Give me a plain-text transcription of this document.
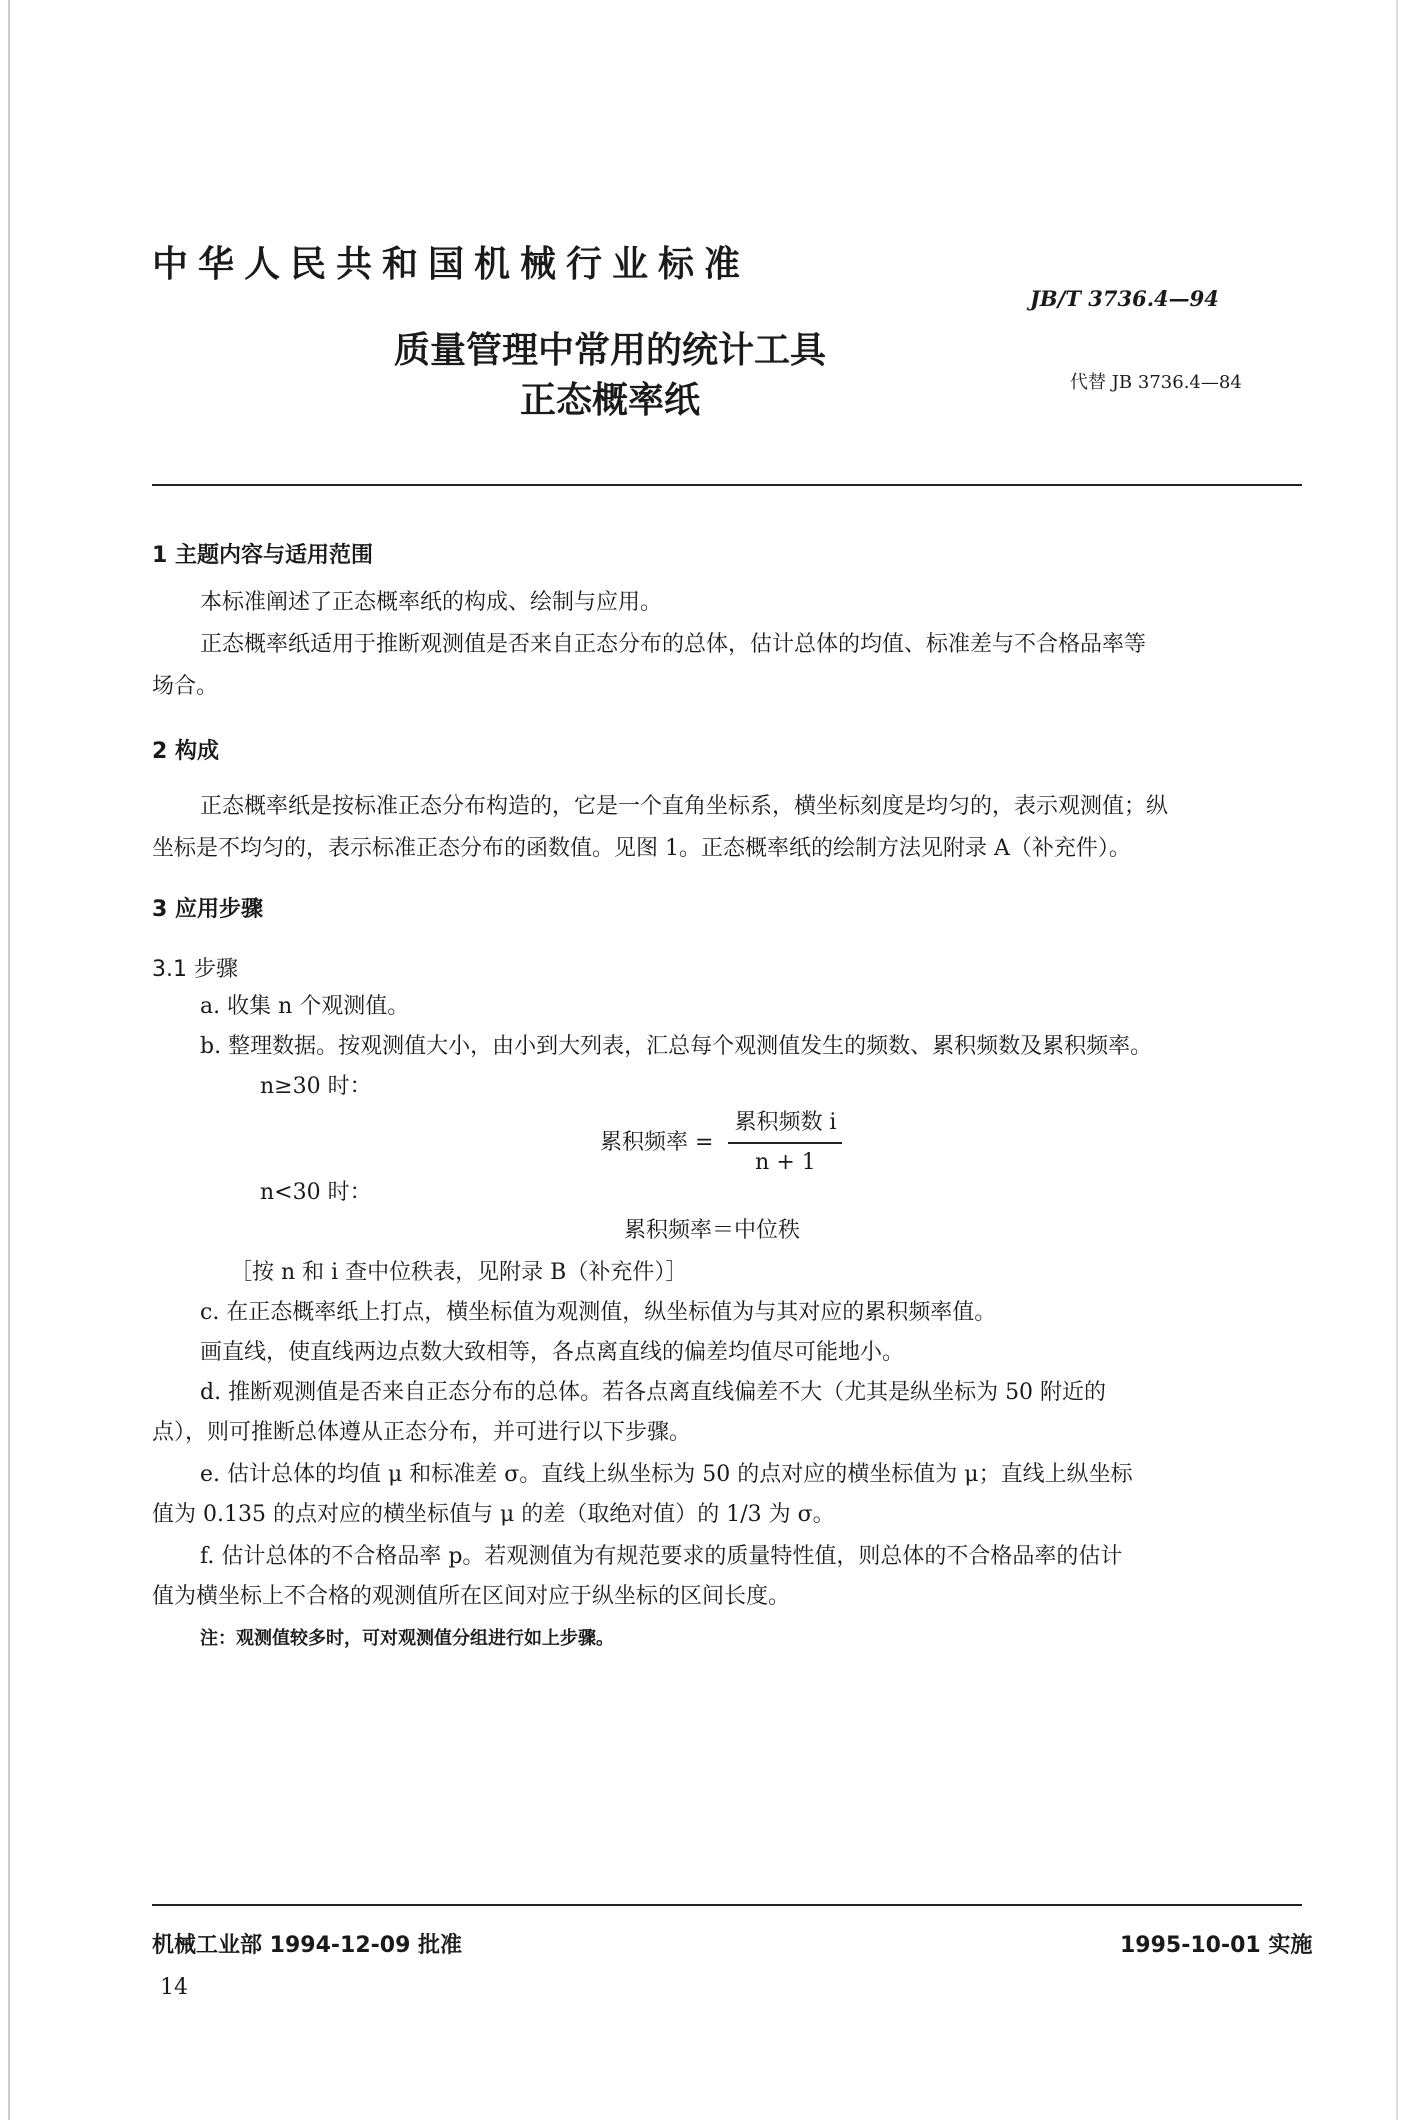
中华人民共和国机械行业标准
JB/T 3736.4—94
质量管理中常用的统计工具
正态概率纸	代替 JB 3736.4—84
1 主题内容与适用范围
本标准阐述了正态概率纸的构成、绘制与应用。
正态概率纸适用于推断观测值是否来自正态分布的总体，估计总体的均值、标准差与不合格品率等
场合。
2 构成
正态概率纸是按标准正态分布构造的，它是一个直角坐标系，横坐标刻度是均匀的，表示观测值；纵
坐标是不均匀的，表示标准正态分布的函数值。见图 1。正态概率纸的绘制方法见附录 A（补充件）。
3 应用步骤
3.1 步骤
a. 收集 n 个观测值。
b. 整理数据。按观测值大小，由小到大列表，汇总每个观测值发生的频数、累积频数及累积频率。
n≥30 时：
累积频率 = $\frac{\text{累积频数 i}}{n + 1}$
n<30 时：
累积频率＝中位秩
［按 n 和 i 查中位秩表，见附录 B（补充件）］
c. 在正态概率纸上打点，横坐标值为观测值，纵坐标值为与其对应的累积频率值。
画直线，使直线两边点数大致相等，各点离直线的偏差均值尽可能地小。
d. 推断观测值是否来自正态分布的总体。若各点离直线偏差不大（尤其是纵坐标为 50 附近的
点），则可推断总体遵从正态分布，并可进行以下步骤。
e. 估计总体的均值 μ 和标准差 σ。直线上纵坐标为 50 的点对应的横坐标值为 μ；直线上纵坐标
值为 0.135 的点对应的横坐标值与 μ 的差（取绝对值）的 1/3 为 σ。
f. 估计总体的不合格品率 p。若观测值为有规范要求的质量特性值，则总体的不合格品率的估计
值为横坐标上不合格的观测值所在区间对应于纵坐标的区间长度。
注：观测值较多时，可对观测值分组进行如上步骤。
机械工业部 1994-12-09 批准	1995-10-01 实施
14
